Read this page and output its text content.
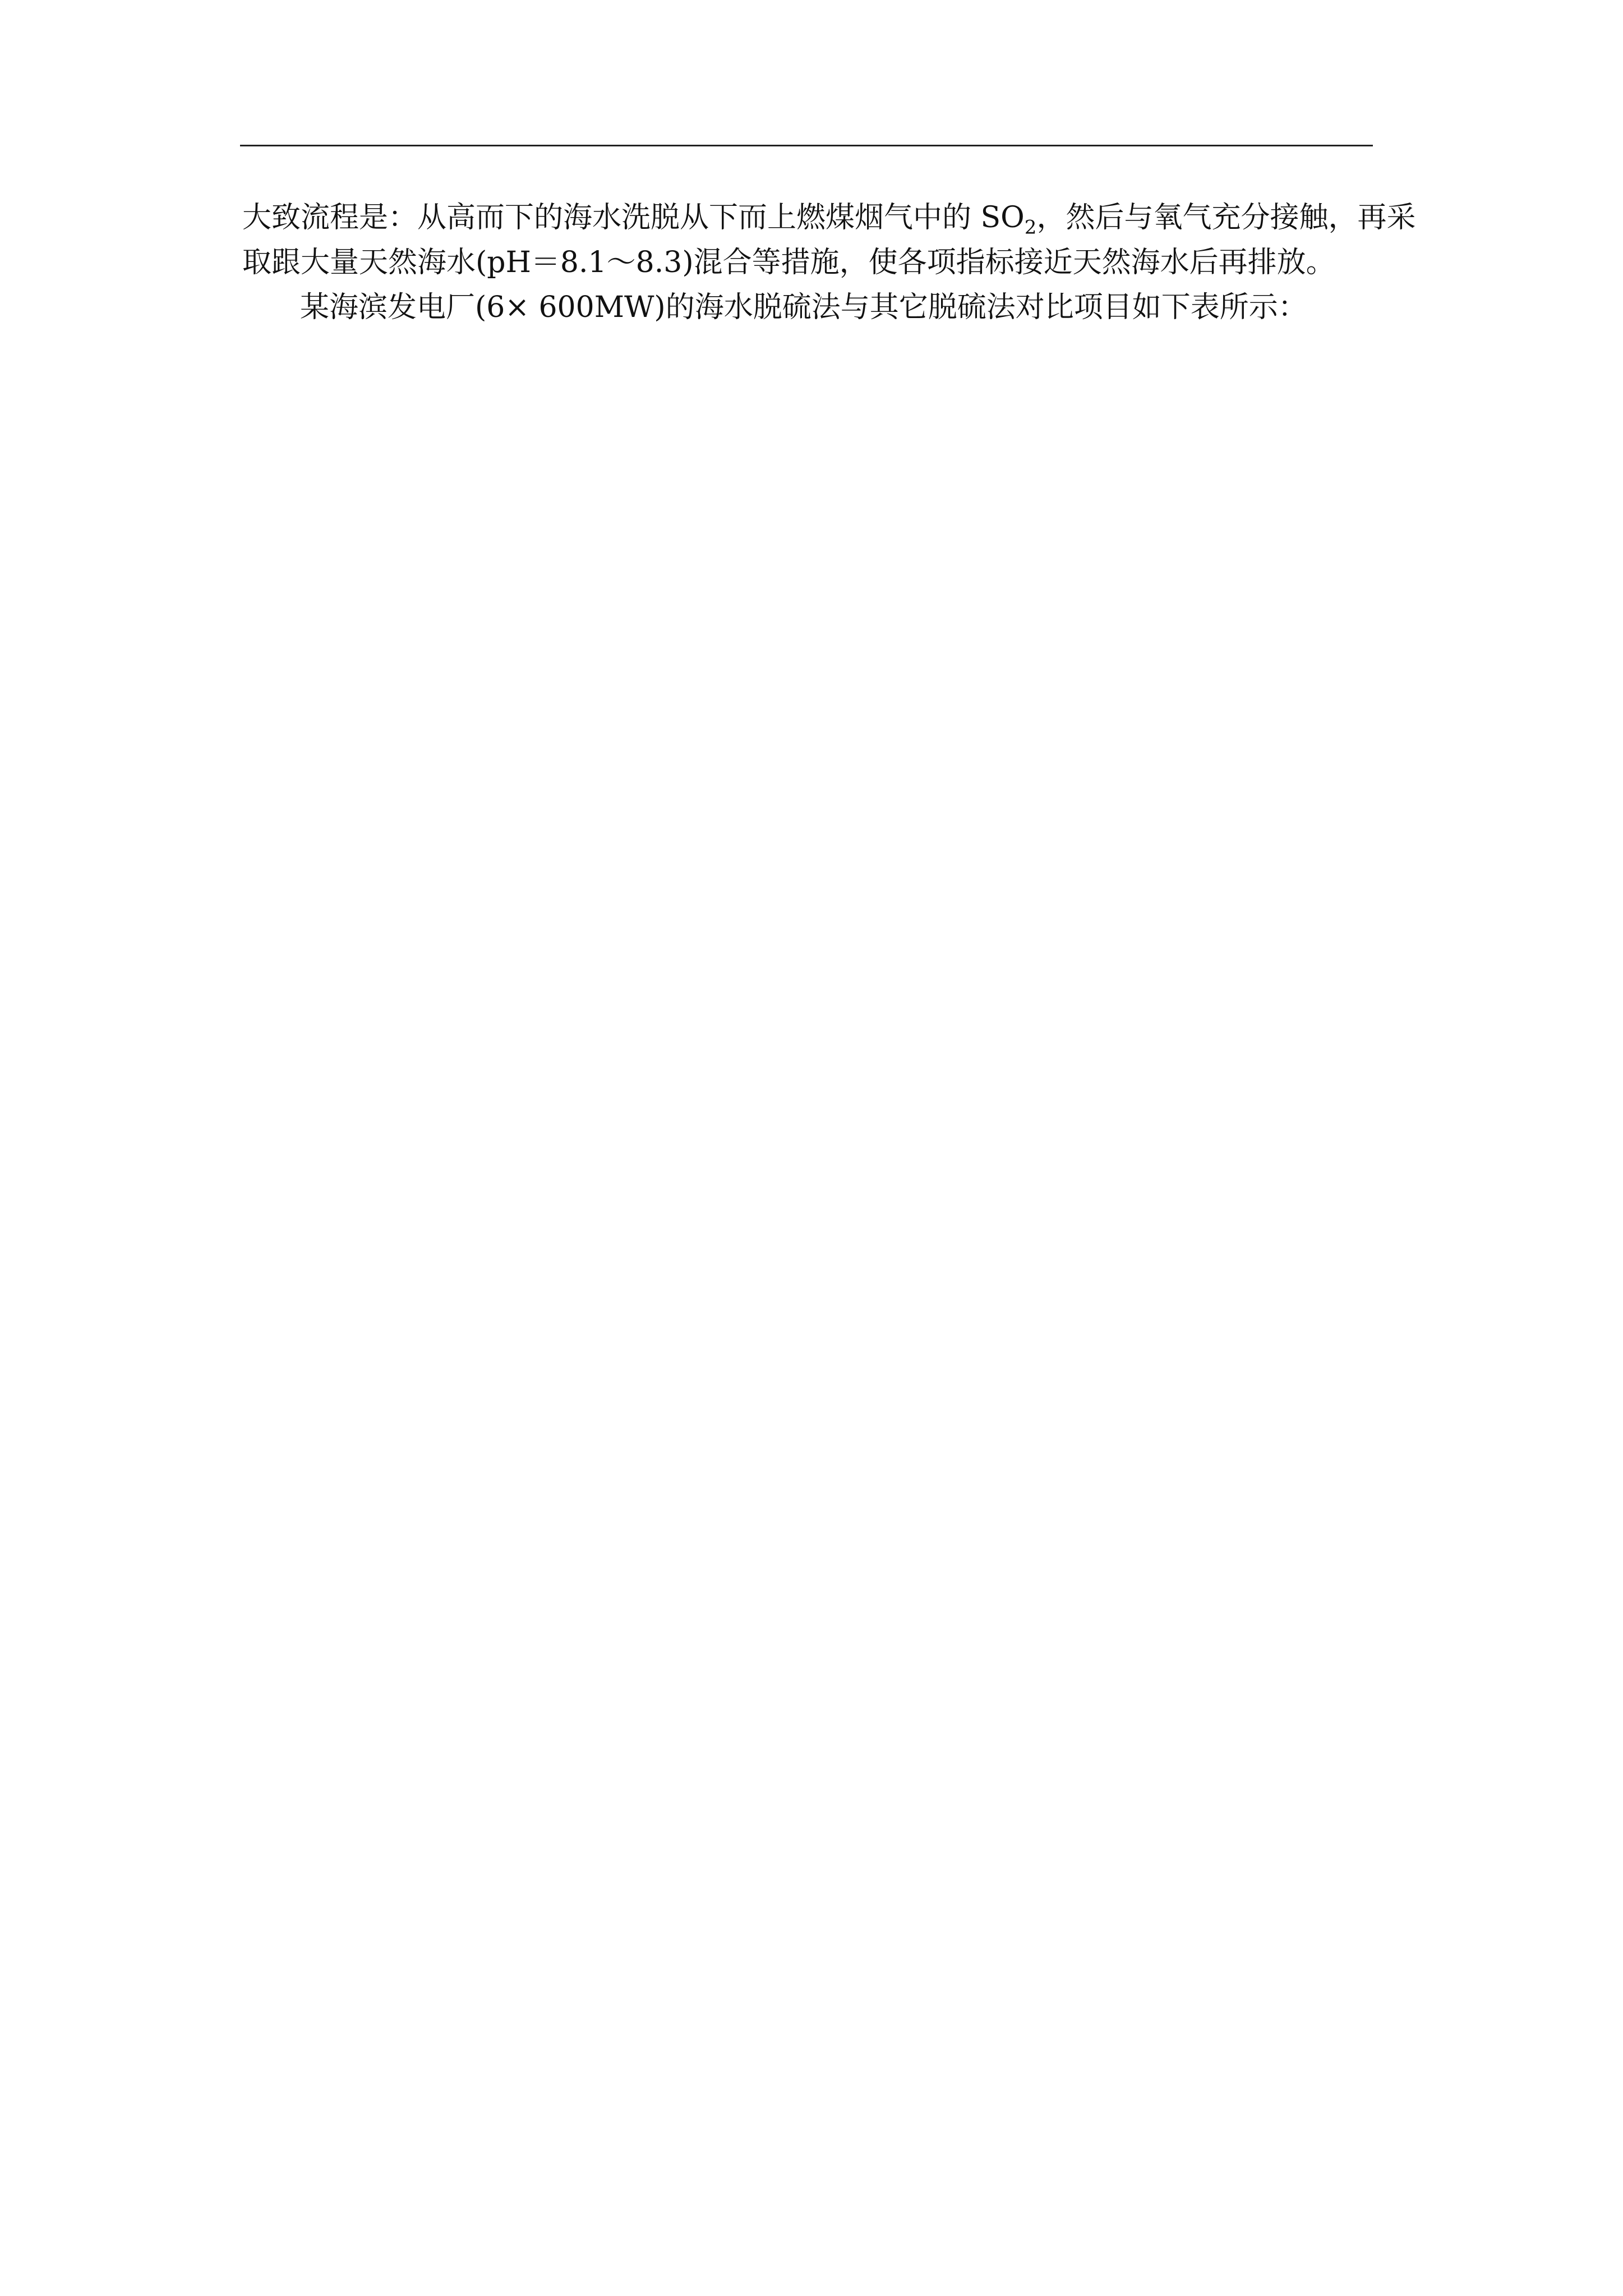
大致流程是：从高而下的海水洗脱从下而上燃煤烟气中的 $SO_2$，然后与氧气充分接触，再采
取跟大量天然海水(pH＝8.1～8.3)混合等措施，使各项指标接近天然海水后再排放。
某海滨发电厂(6× 600MW)的海水脱硫法与其它脱硫法对比项目如下表所示：
